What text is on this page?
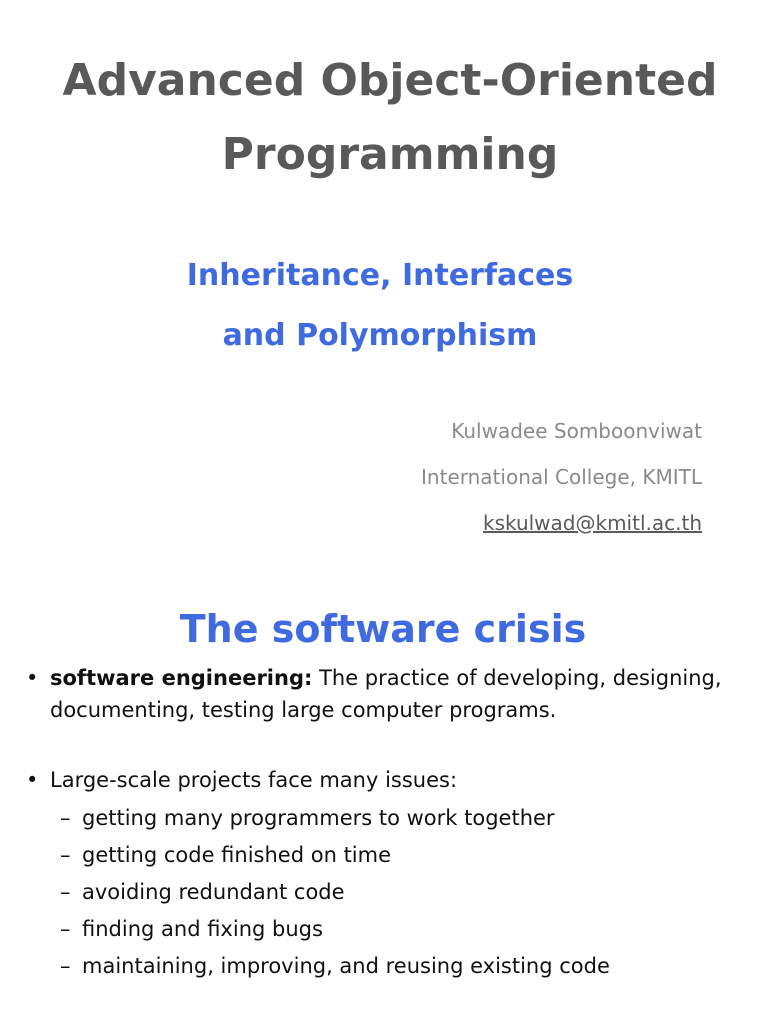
Advanced Object-Oriented
Programming
Inheritance, Interfaces
and Polymorphism
Kulwadee Somboonviwat
International College, KMITL
kskulwad@kmitl.ac.th
The software crisis
• software engineering: The practice of developing, designing, documenting, testing large computer programs.
• Large-scale projects face many issues:
– getting many programmers to work together
– getting code finished on time
– avoiding redundant code
– finding and fixing bugs
– maintaining, improving, and reusing existing code
